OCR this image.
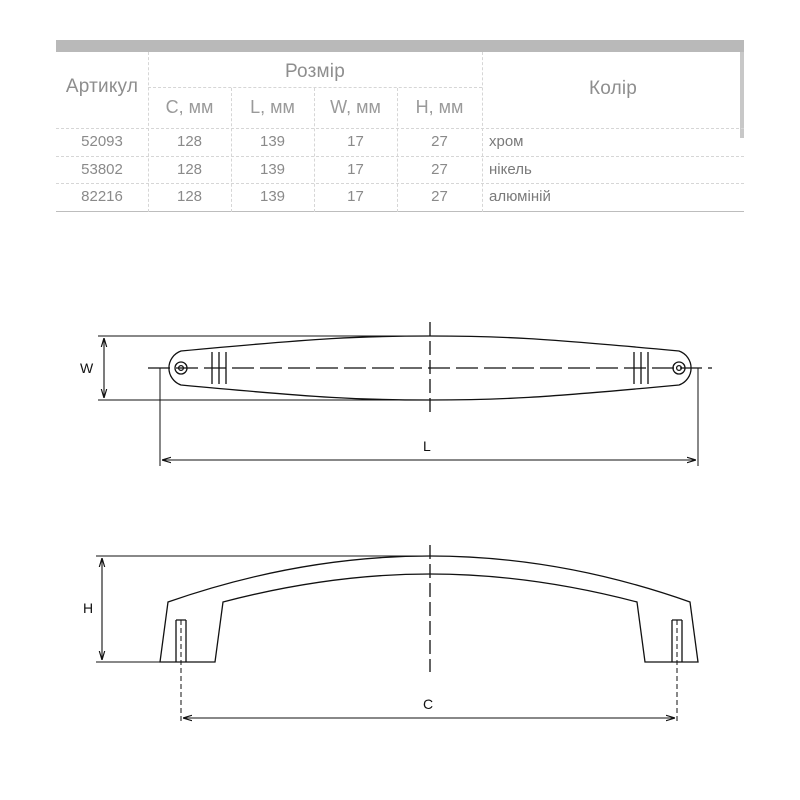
Артикул
Розмір
Колір
C, мм	L, мм	W, мм	H, мм
52093	128	139	17	27	хром
53802	128	139	17	27	нікель
82216	128	139	17	27	алюміній
W
L
H
C
